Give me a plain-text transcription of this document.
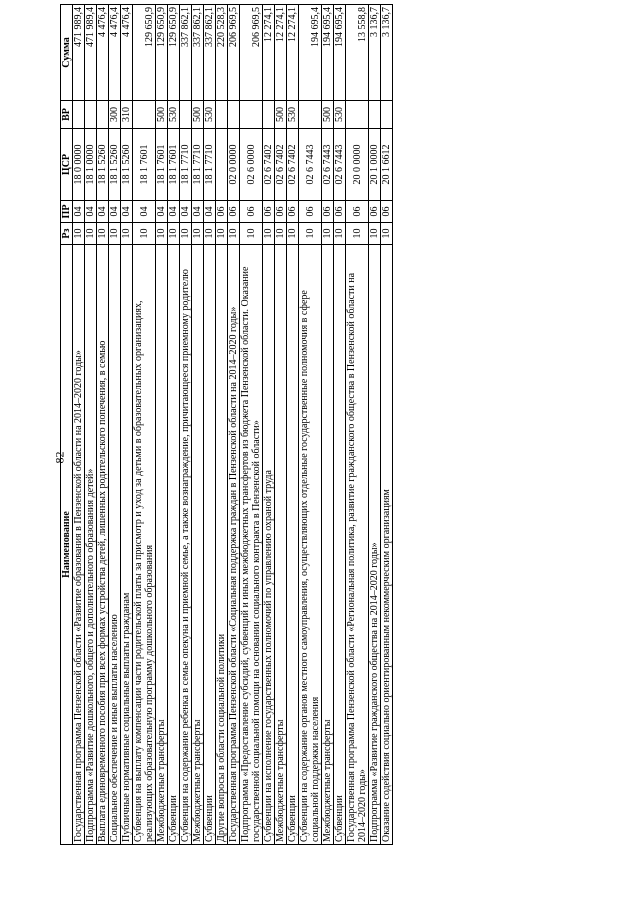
82
Наименование	Рз	ПР	ЦСР	ВР	Сумма
Государственная программа Пензенской области «Развитие образования в Пензенской области на 2014–2020 годы»	10	04	18 0 0000		471 989,4
Подпрограмма «Развитие дошкольного, общего и дополнительного образования детей»	10	04	18 1 0000		471 989,4
Выплата единовременного пособия при всех формах устройства детей, лишенных родительского попечения, в семью	10	04	18 1 5260		4 476,4
Социальное обеспечение и иные выплаты населению	10	04	18 1 5260	300	4 476,4
Публичные нормативные социальные выплаты гражданам	10	04	18 1 5260	310	4 476,4
Субвенция на выплату компенсации части родительской платы за присмотр и уход за детьми в образовательных организациях, реализующих образовательную программу дошкольного образования	10	04	18 1 7601		129 650,9
Межбюджетные трансферты	10	04	18 1 7601	500	129 650,9
Субвенции	10	04	18 1 7601	530	129 650,9
Субвенция на содержание ребенка в семье опекуна и приемной семье, а также вознаграждение, причитающееся приемному родителю	10	04	18 1 7710		337 862,1
Межбюджетные трансферты	10	04	18 1 7710	500	337 862,1
Субвенции	10	04	18 1 7710	530	337 862,1
Другие вопросы в области социальной политики	10	06			220 528,3
Государственная программа Пензенской области «Социальная поддержка граждан в Пензенской области на 2014–2020 годы»	10	06	02 0 0000		206 969,5
Подпрограмма «Предоставление субсидий, субвенций и иных межбюджетных трансфертов из бюджета Пензенской области. Оказание государственной социальной помощи на основании социального контракта в Пензенской области»	10	06	02 6 0000		206 969,5
Субвенции на исполнение государственных полномочий по управлению охраной труда	10	06	02 6 7402		12 274,1
Межбюджетные трансферты	10	06	02 6 7402	500	12 274,1
Субвенции	10	06	02 6 7402	530	12 274,1
Субвенции на содержание органов местного самоуправления, осуществляющих отдельные государственные полномочия в сфере социальной поддержки населения	10	06	02 6 7443		194 695,4
Межбюджетные трансферты	10	06	02 6 7443	500	194 695,4
Субвенции	10	06	02 6 7443	530	194 695,4
Государственная программа Пензенской области «Региональная политика, развитие гражданского общества в Пензенской области на 2014–2020 годы»	10	06	20 0 0000		13 558,8
Подпрограмма «Развитие гражданского общества на 2014–2020 годы»	10	06	20 1 0000		3 136,7
Оказание содействия социально ориентированным некоммерческим организациям	10	06	20 1 6612		3 136,7
